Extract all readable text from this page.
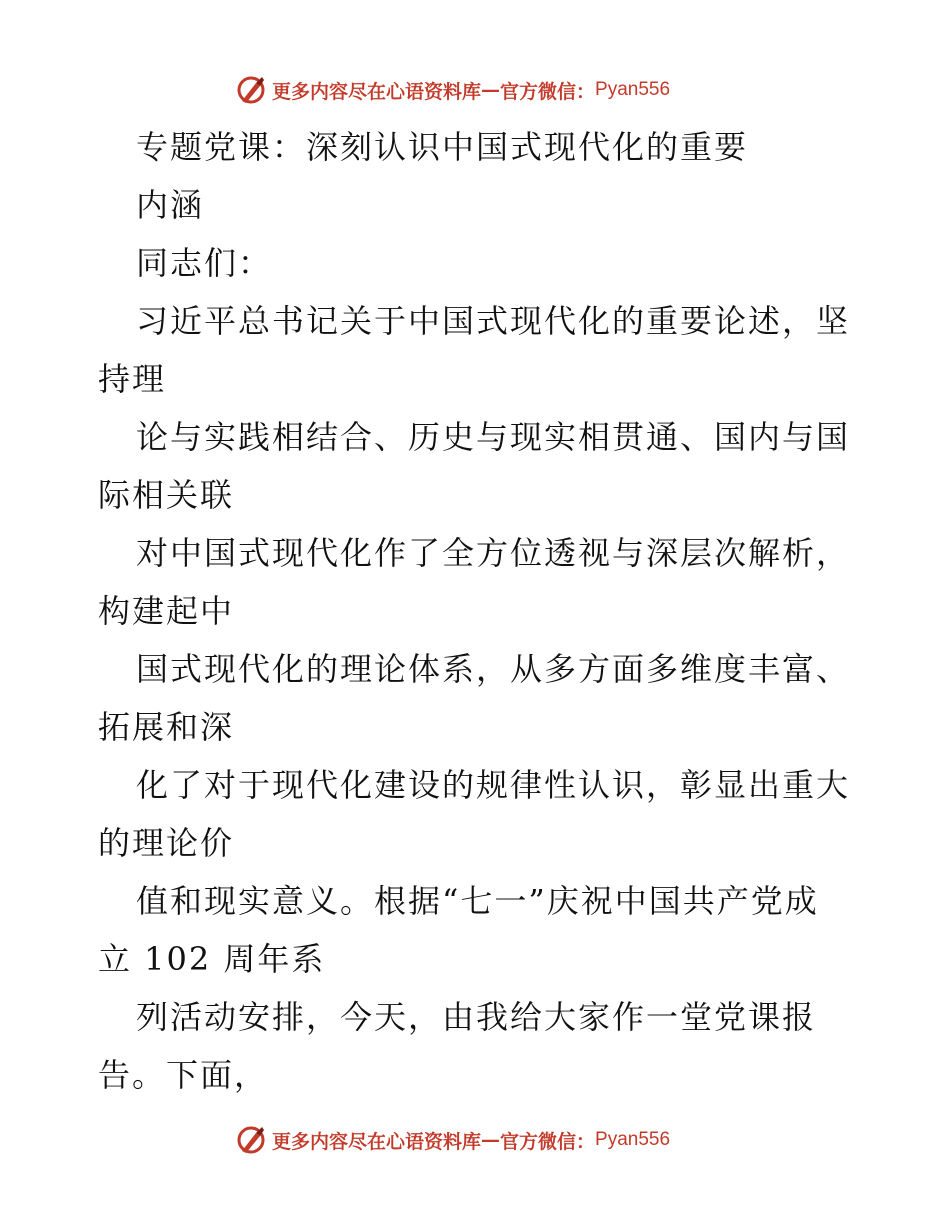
更多内容尽在心语资料库 — 官方微信： Pyan556
专题党课：深刻认识中国式现代化的重要
内涵
同志们：
习近平总书记关于中国式现代化的重要论述，坚
持理
论与实践相结合、历史与现实相贯通、国内与国
际相关联
对中国式现代化作了全方位透视与深层次解析，
构建起中
国式现代化的理论体系，从多方面多维度丰富、
拓展和深
化了对于现代化建设的规律性认识，彰显出重大
的理论价
值和现实意义。根据“七一”庆祝中国共产党成
立 102 周年系
列活动安排，今天，由我给大家作一堂党课报
告。下面，
更多内容尽在心语资料库 — 官方微信： Pyan556
